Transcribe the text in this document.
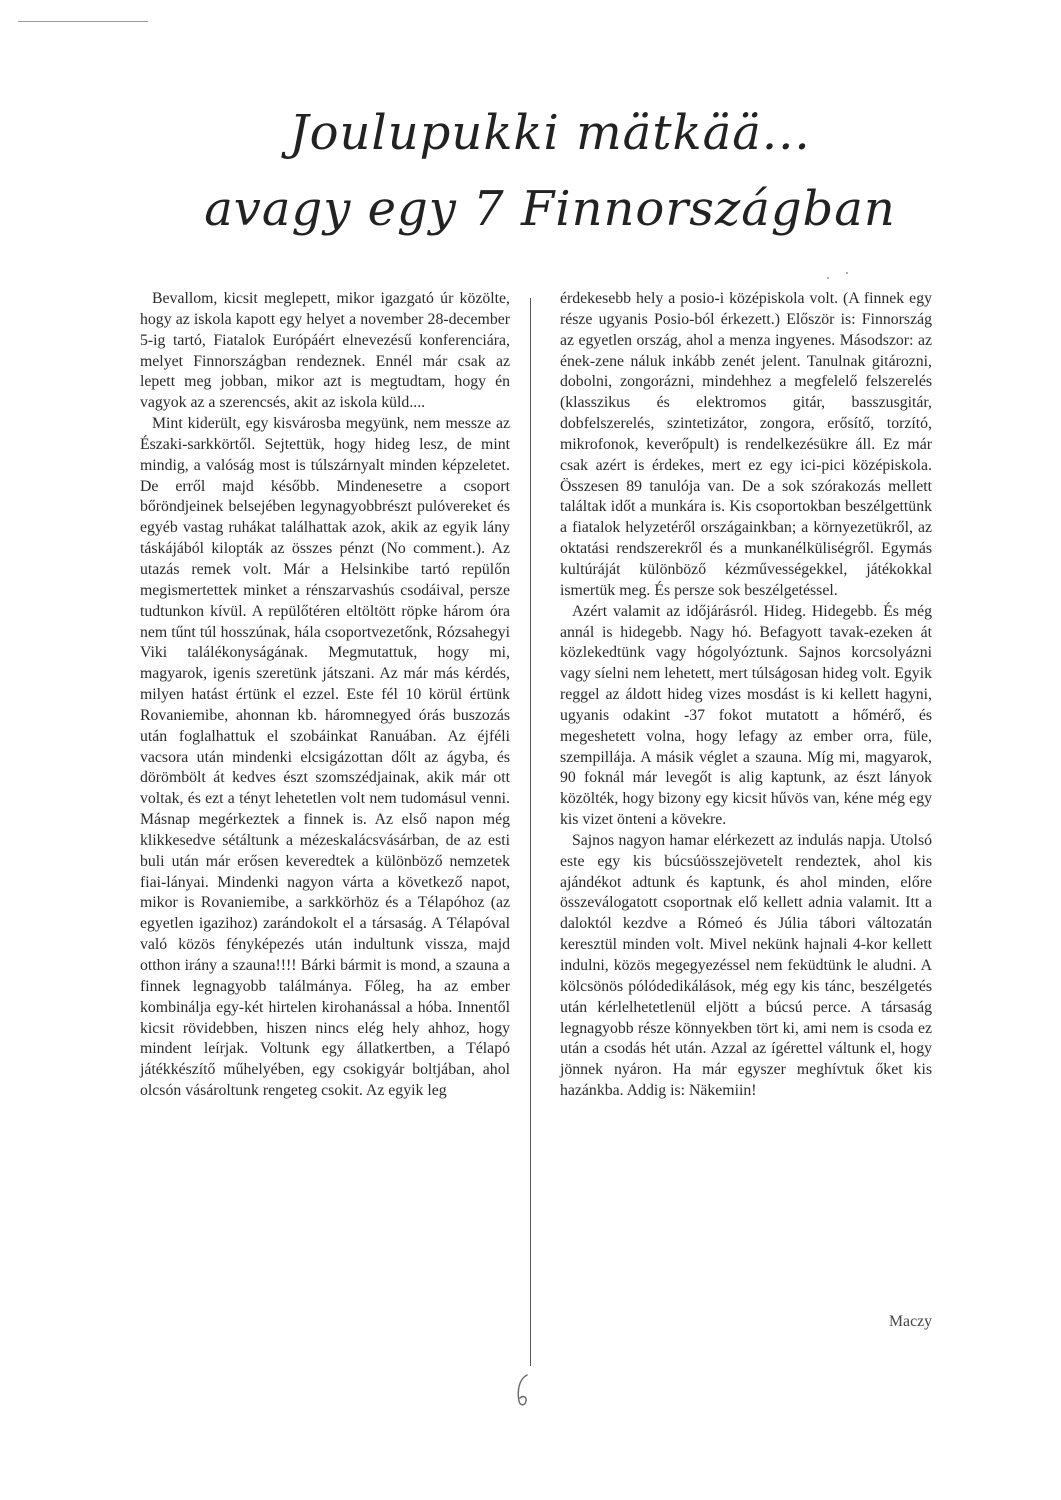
Joulupukki mätkää...
avagy egy 7 Finnországban

Bevallom, kicsit meglepett, mikor igazgató úr közölte, hogy az iskola kapott egy helyet a november 28-december 5-ig tartó, Fiatalok Európáért elnevezésű konferenciára, melyet Finnországban rendeznek. Ennél már csak az lepett meg jobban, mikor azt is megtudtam, hogy én vagyok az a szerencsés, akit az iskola küld....

Mint kiderült, egy kisvárosba megyünk, nem messze az Északi-sarkkörtől. Sejtettük, hogy hideg lesz, de mint mindig, a valóság most is túlszárnyalt minden képzeletet. De erről majd később. Mindenesetre a csoport bőröndjeinek belsejében legynagyobbrészt pulóvereket és egyéb vastag ruhákat találhattak azok, akik az egyik lány táskájából kilopták az összes pénzt (No comment.). Az utazás remek volt. Már a Helsinkibe tartó repülőn megismertettek minket a rénszarvashús csodáival, persze tudtunkon kívül. A repülőtéren eltöltött röpke három óra nem tűnt túl hosszúnak, hála csoportvezetőnk, Rózsahegyi Viki találékonyságának. Megmutattuk, hogy mi, magyarok, igenis szeretünk játszani. Az már más kérdés, milyen hatást értünk el ezzel. Este fél 10 körül értünk Rovaniemibe, ahonnan kb. háromnegyed órás buszozás után foglalhattuk el szobáinkat Ranuában. Az éjféli vacsora után mindenki elcsigázottan dőlt az ágyba, és dörömbölt át kedves észt szomszédjainak, akik már ott voltak, és ezt a tényt lehetetlen volt nem tudomásul venni. Másnap megérkeztek a finnek is. Az első napon még klikkesedve sétáltunk a mézeskalácsvásárban, de az esti buli után már erősen keveredtek a különböző nemzetek fiai-lányai. Mindenki nagyon várta a következő napot, mikor is Rovaniemibe, a sarkkörhöz és a Télapóhoz (az egyetlen igazihoz) zarándokolt el a társaság. A Télapóval való közös fényképezés után indultunk vissza, majd otthon irány a szauna!!!! Bárki bármit is mond, a szauna a finnek legnagyobb találmánya. Főleg, ha az ember kombinálja egy-két hirtelen kirohanással a hóba. Innentől kicsit rövidebben, hiszen nincs elég hely ahhoz, hogy mindent leírjak. Voltunk egy állatkertben, a Télapó játékkészítő műhelyében, egy csokigyár boltjában, ahol olcsón vásároltunk rengeteg csokit. Az egyik leg

érdekesebb hely a posio-i középiskola volt. (A finnek egy része ugyanis Posio-ból érkezett.) Először is: Finnország az egyetlen ország, ahol a menza ingyenes. Másodszor: az ének-zene náluk inkább zenét jelent. Tanulnak gitározni, dobolni, zongorázni, mindehhez a megfelelő felszerelés (klasszikus és elektromos gitár, basszusgitár, dobfelszerelés, szintetizátor, zongora, erősítő, torzító, mikrofonok, keverőpult) is rendelkezésükre áll. Ez már csak azért is érdekes, mert ez egy ici-pici középiskola. Összesen 89 tanulója van. De a sok szórakozás mellett találtak időt a munkára is. Kis csoportokban beszélgettünk a fiatalok helyzetéről országainkban; a környezetükről, az oktatási rendszerekről és a munkanélküliségről. Egymás kultúráját különböző kézművességekkel, játékokkal ismertük meg. És persze sok beszélgetéssel.

Azért valamit az időjárásról. Hideg. Hidegebb. És még annál is hidegebb. Nagy hó. Befagyott tavak-ezeken át közlekedtünk vagy hógolyóztunk. Sajnos korcsolyázni vagy síelni nem lehetett, mert túlságosan hideg volt. Egyik reggel az áldott hideg vizes mosdást is ki kellett hagyni, ugyanis odakint -37 fokot mutatott a hőmérő, és megeshetett volna, hogy lefagy az ember orra, füle, szempillája. A másik véglet a szauna. Míg mi, magyarok, 90 foknál már levegőt is alig kaptunk, az észt lányok közölték, hogy bizony egy kicsit hűvös van, kéne még egy kis vizet önteni a kövekre.

Sajnos nagyon hamar elérkezett az indulás napja. Utolsó este egy kis búcsúösszejövetelt rendeztek, ahol kis ajándékot adtunk és kaptunk, és ahol minden, előre összeválogatott csoportnak elő kellett adnia valamit. Itt a daloktól kezdve a Rómeó és Júlia tábori változatán keresztül minden volt. Mivel nekünk hajnali 4-kor kellett indulni, közös megegyezéssel nem feküdtünk le aludni. A kölcsönös pólódedikálások, még egy kis tánc, beszélgetés után kérlelhetetlenül eljött a búcsú perce. A társaság legnagyobb része könnyekben tört ki, ami nem is csoda ez után a csodás hét után. Azzal az ígérettel váltunk el, hogy jönnek nyáron. Ha már egyszer meghívtuk őket kis hazánkba. Addig is: Näkemiin!

Maczy
